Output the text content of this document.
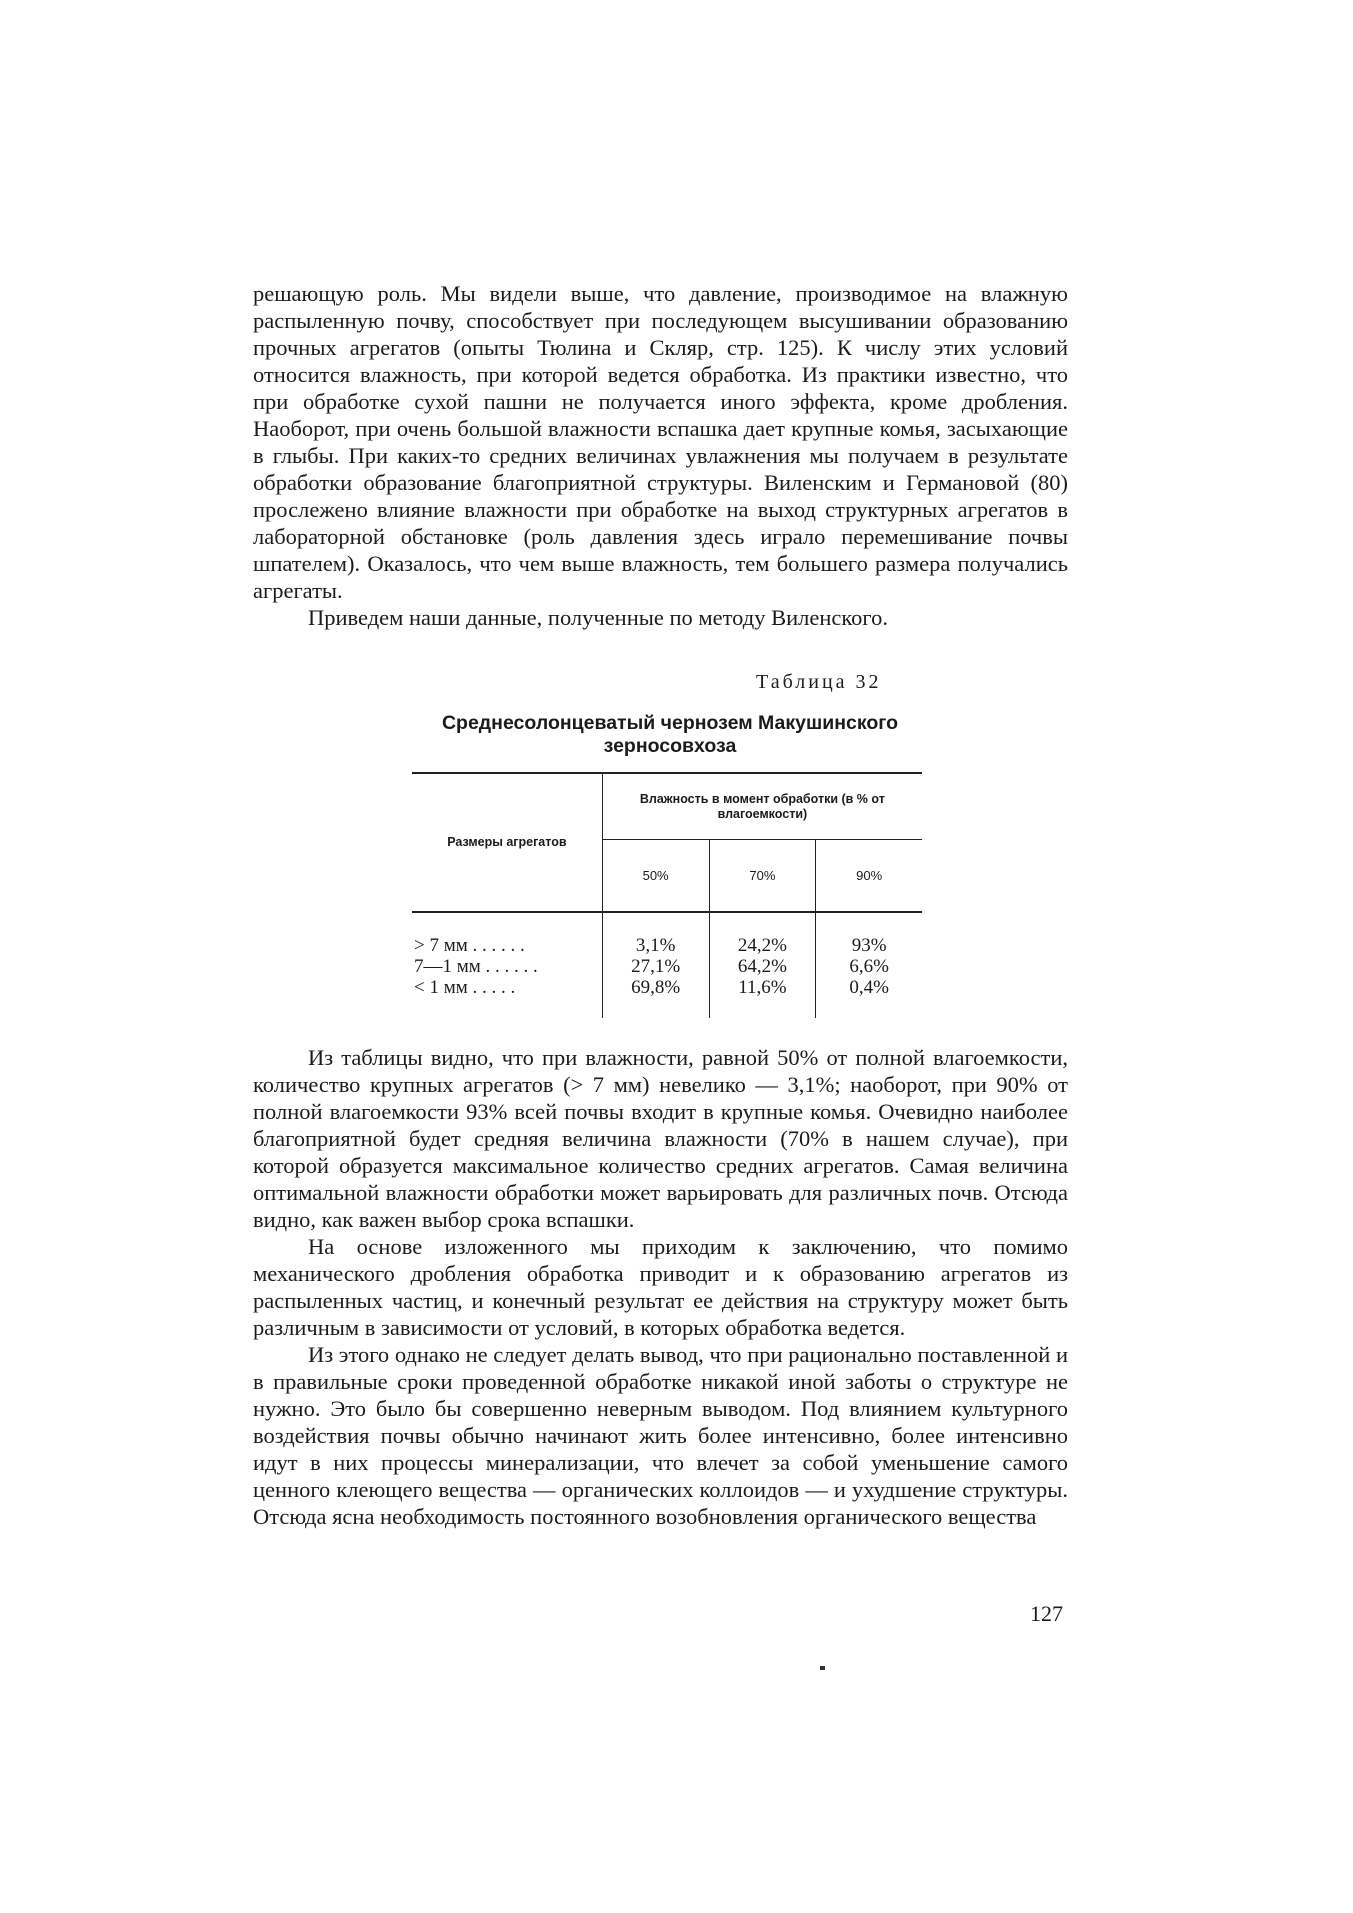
решающую роль. Мы видели выше, что давление, производимое на влажную распыленную почву, способствует при последующем высушивании образованию прочных агрегатов (опыты Тюлина и Скляр, стр. 125). К числу этих условий относится влажность, при которой ведется обработка. Из практики известно, что при обработке сухой пашни не получается иного эффекта, кроме дробления. Наоборот, при очень большой влажности вспашка дает крупные комья, засыхающие в глыбы. При каких-то средних величинах увлажнения мы получаем в результате обработки образование благоприятной структуры. Виленским и Германовой (80) прослежено влияние влажности при обработке на выход структурных агрегатов в лабораторной обстановке (роль давления здесь играло перемешивание почвы шпателем). Оказалось, что чем выше влажность, тем большего размера получались агрегаты.

Приведем наши данные, полученные по методу Виленского.

Таблица 32
Среднесолонцеватый чернозем Макушинского зерносовхоза
Размеры агрегатов	Влажность в момент обработки (в % от влагоемкости)		
	50%	70%	90%
> 7 мм . . . . . .	3,1%	24,2%	93%
7—1 мм . . . . . .	27,1%	64,2%	6,6%
< 1 мм . . . . .	69,8%	11,6%	0,4%

Из таблицы видно, что при влажности, равной 50% от полной влагоемкости, количество крупных агрегатов (> 7 мм) невелико — 3,1%; наоборот, при 90% от полной влагоемкости 93% всей почвы входит в крупные комья. Очевидно наиболее благоприятной будет средняя величина влажности (70% в нашем случае), при которой образуется максимальное количество средних агрегатов. Самая величина оптимальной влажности обработки может варьировать для различных почв. Отсюда видно, как важен выбор срока вспашки.

На основе изложенного мы приходим к заключению, что помимо механического дробления обработка приводит и к образованию агрегатов из распыленных частиц, и конечный результат ее действия на структуру может быть различным в зависимости от условий, в которых обработка ведется.

Из этого однако не следует делать вывод, что при рационально поставленной и в правильные сроки проведенной обработке никакой иной заботы о структуре не нужно. Это было бы совершенно неверным выводом. Под влиянием культурного воздействия почвы обычно начинают жить более интенсивно, более интенсивно идут в них процессы минерализации, что влечет за собой уменьшение самого ценного клеющего вещества — органических коллоидов — и ухудшение структуры. Отсюда ясна необходимость постоянного возобновления органического вещества

127
